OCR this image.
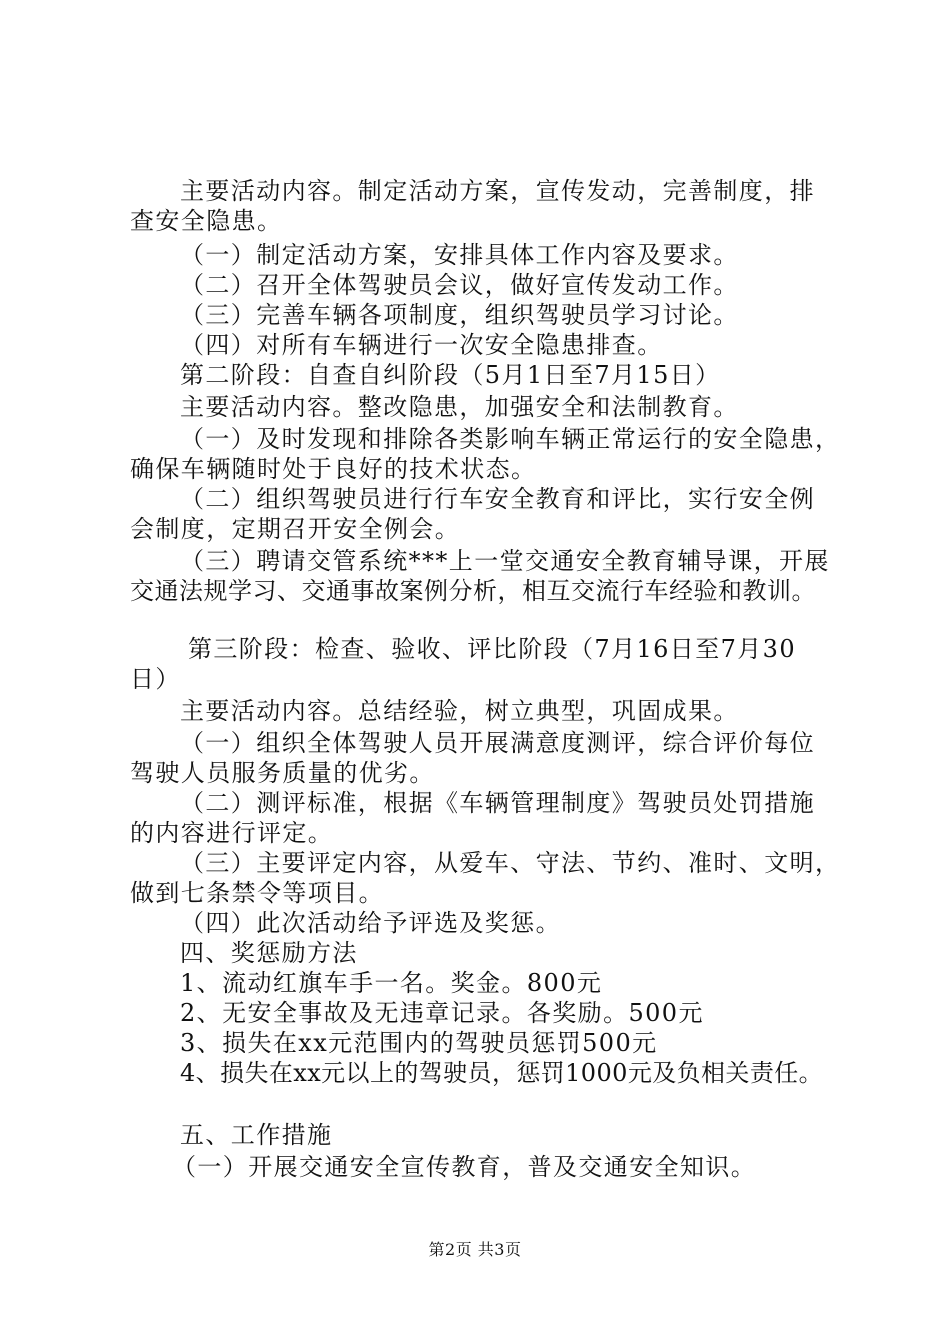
主要活动内容。制定活动方案，宣传发动，完善制度，排
查安全隐患。
（一）制定活动方案，安排具体工作内容及要求。
（二）召开全体驾驶员会议，做好宣传发动工作。
（三）完善车辆各项制度，组织驾驶员学习讨论。
（四）对所有车辆进行一次安全隐患排查。
第二阶段：自查自纠阶段（5月1日至7月15日）
主要活动内容。整改隐患，加强安全和法制教育。
（一）及时发现和排除各类影响车辆正常运行的安全隐患，
确保车辆随时处于良好的技术状态。
（二）组织驾驶员进行行车安全教育和评比，实行安全例
会制度，定期召开安全例会。
（三）聘请交管系统***上一堂交通安全教育辅导课，开展
交通法规学习、交通事故案例分析，相互交流行车经验和教训。
第三阶段：检查、验收、评比阶段（7月16日至7月30
日）
主要活动内容。总结经验，树立典型，巩固成果。
（一）组织全体驾驶人员开展满意度测评，综合评价每位
驾驶人员服务质量的优劣。
（二）测评标准，根据《车辆管理制度》驾驶员处罚措施
的内容进行评定。
（三）主要评定内容，从爱车、守法、节约、准时、文明，
做到七条禁令等项目。
（四）此次活动给予评选及奖惩。
四、奖惩励方法
1、流动红旗车手一名。奖金。800元
2、无安全事故及无违章记录。各奖励。500元
3、损失在xx元范围内的驾驶员惩罚500元
4、损失在xx元以上的驾驶员，惩罚1000元及负相关责任。
五、工作措施
（一）开展交通安全宣传教育，普及交通安全知识。
第2页 共3页
